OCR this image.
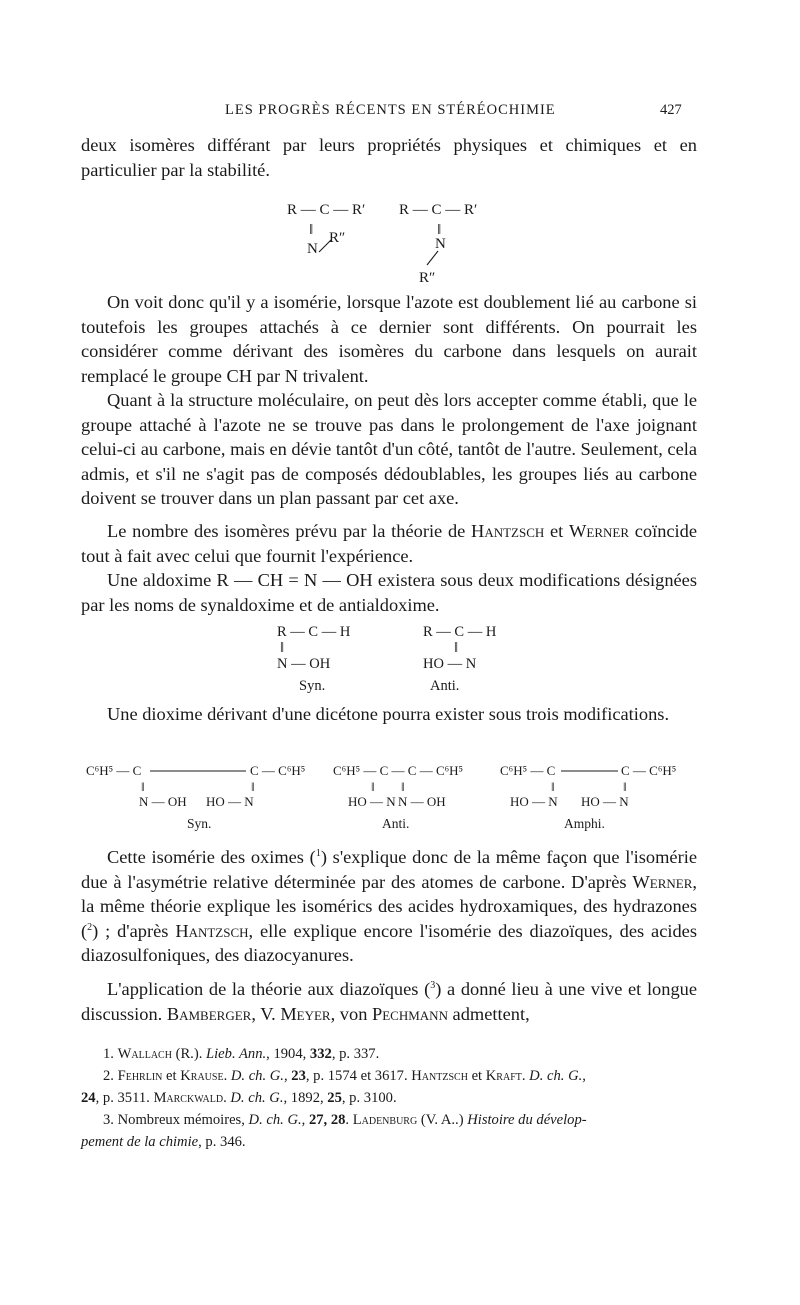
LES PROGRÈS RÉCENTS EN STÉRÉOCHIMIE	427

deux isomères différant par leurs propriétés physiques et chimiques et en particulier par la stabilité.

R — C — R′
‖
N
R″
R — C — R′
‖
N
R″

On voit donc qu'il y a isomérie, lorsque l'azote est doublement lié au carbone si toutefois les groupes attachés à ce dernier sont différents. On pourrait les considérer comme dérivant des isomères du carbone dans lesquels on aurait remplacé le groupe CH par N trivalent.

Quant à la structure moléculaire, on peut dès lors accepter comme établi, que le groupe attaché à l'azote ne se trouve pas dans le prolongement de l'axe joignant celui-ci au carbone, mais en dévie tantôt d'un côté, tantôt de l'autre. Seulement, cela admis, et s'il ne s'agit pas de composés dédoublables, les groupes liés au carbone doivent se trouver dans un plan passant par cet axe.

Le nombre des isomères prévu par la théorie de Hantzsch et Werner coïncide tout à fait avec celui que fournit l'expérience.

Une aldoxime R — CH = N — OH existera sous deux modifications désignées par les noms de synaldoxime et de antialdoxime.

R — C — H
‖
N — OH
Syn.
R — C — H
‖
HO — N
Anti.

Une dioxime dérivant d'une dicétone pourra exister sous trois modifications.

C⁶H⁵ — C	C — C⁶H⁵
‖	‖
N — OH HO — N
Syn.
C⁶H⁵ — C — C — C⁶H⁵
‖ ‖
HO — N N — OH
Anti.
C⁶H⁵ — C	C — C⁶H⁵
‖	‖
HO — N HO — N
Amphi.

Cette isomérie des oximes ($^1$) s'explique donc de la même façon que l'isomérie due à l'asymétrie relative déterminée par des atomes de carbone. D'après Werner, la même théorie explique les isomérics des acides hydroxamiques, des hydrazones ($^2$) ; d'après Hantzsch, elle explique encore l'isomérie des diazoïques, des acides diazosulfoniques, des diazocyanures.

L'application de la théorie aux diazoïques ($^3$) a donné lieu à une vive et longue discussion. Bamberger, V. Meyer, von Pechmann admettent,

1. Wallach (R.). Lieb. Ann., 1904, 332, p. 337.

2. Fehrlin et Krause. D. ch. G., 23, p. 1574 et 3617. Hantzsch et Kraft. D. ch. G.,

24, p. 3511. Marckwald. D. ch. G., 1892, 25, p. 3100.

3. Nombreux mémoires, D. ch. G., 27, 28. Ladenburg (V. A..) Histoire du dévelop-

pement de la chimie, p. 346.
